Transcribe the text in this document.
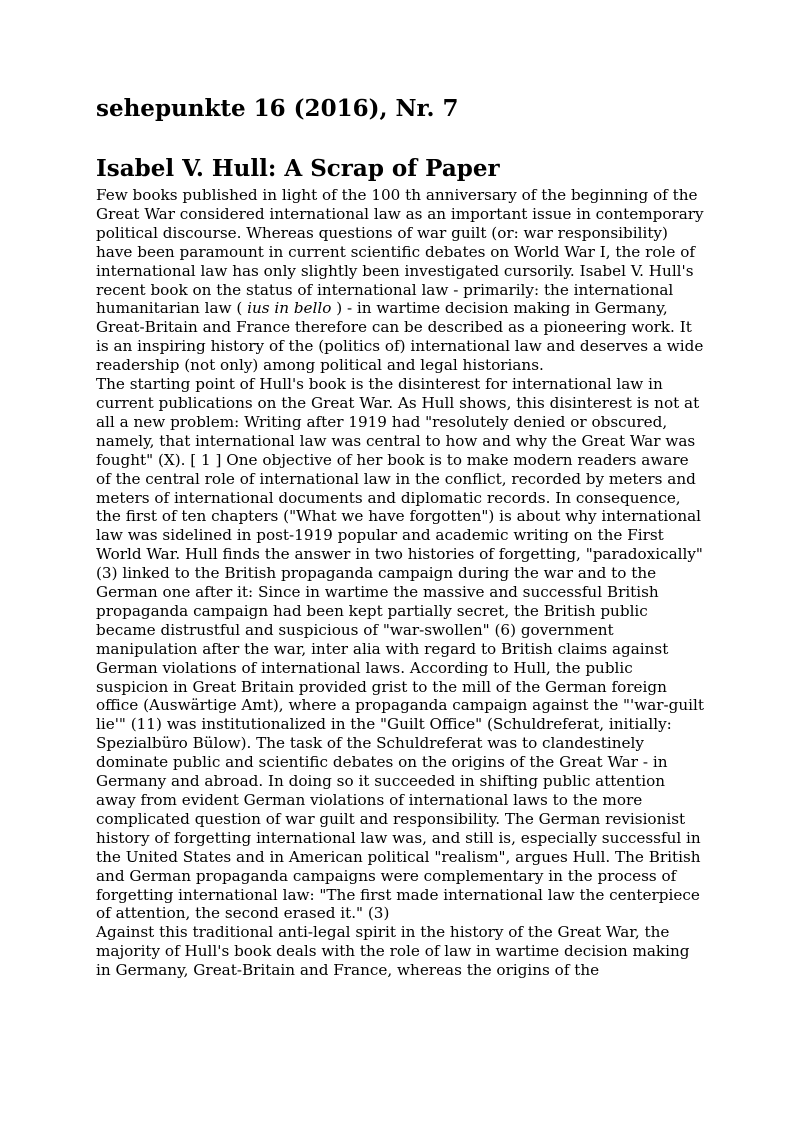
sehepunkte 16 (2016), Nr. 7
Isabel V. Hull: A Scrap of Paper

Few books published in light of the 100 th anniversary of the beginning of the Great War considered international law as an important issue in contemporary political discourse. Whereas questions of war guilt (or: war responsibility) have been paramount in current scientific debates on World War I, the role of international law has only slightly been investigated cursorily. Isabel V. Hull's recent book on the status of international law - primarily: the international humanitarian law ( ius in bello ) - in wartime decision making in Germany, Great-Britain and France therefore can be described as a pioneering work. It is an inspiring history of the (politics of) international law and deserves a wide readership (not only) among political and legal historians.

The starting point of Hull's book is the disinterest for international law in current publications on the Great War. As Hull shows, this disinterest is not at all a new problem: Writing after 1919 had "resolutely denied or obscured, namely, that international law was central to how and why the Great War was fought" (X). [ 1 ] One objective of her book is to make modern readers aware of the central role of international law in the conflict, recorded by meters and meters of international documents and diplomatic records. In consequence, the first of ten chapters ("What we have forgotten") is about why international law was sidelined in post-1919 popular and academic writing on the First World War. Hull finds the answer in two histories of forgetting, "paradoxically" (3) linked to the British propaganda campaign during the war and to the German one after it: Since in wartime the massive and successful British propaganda campaign had been kept partially secret, the British public became distrustful and suspicious of "war-swollen" (6) government manipulation after the war, inter alia with regard to British claims against German violations of international laws. According to Hull, the public suspicion in Great Britain provided grist to the mill of the German foreign office (Auswärtige Amt), where a propaganda campaign against the "'war-guilt lie'" (11) was institutionalized in the "Guilt Office" (Schuldreferat, initially: Spezialbüro Bülow). The task of the Schuldreferat was to clandestinely dominate public and scientific debates on the origins of the Great War - in Germany and abroad. In doing so it succeeded in shifting public attention away from evident German violations of international laws to the more complicated question of war guilt and responsibility. The German revisionist history of forgetting international law was, and still is, especially successful in the United States and in American political "realism", argues Hull. The British and German propaganda campaigns were complementary in the process of forgetting international law: "The first made international law the centerpiece of attention, the second erased it." (3)

Against this traditional anti-legal spirit in the history of the Great War, the majority of Hull's book deals with the role of law in wartime decision making in Germany, Great-Britain and France, whereas the origins of the
